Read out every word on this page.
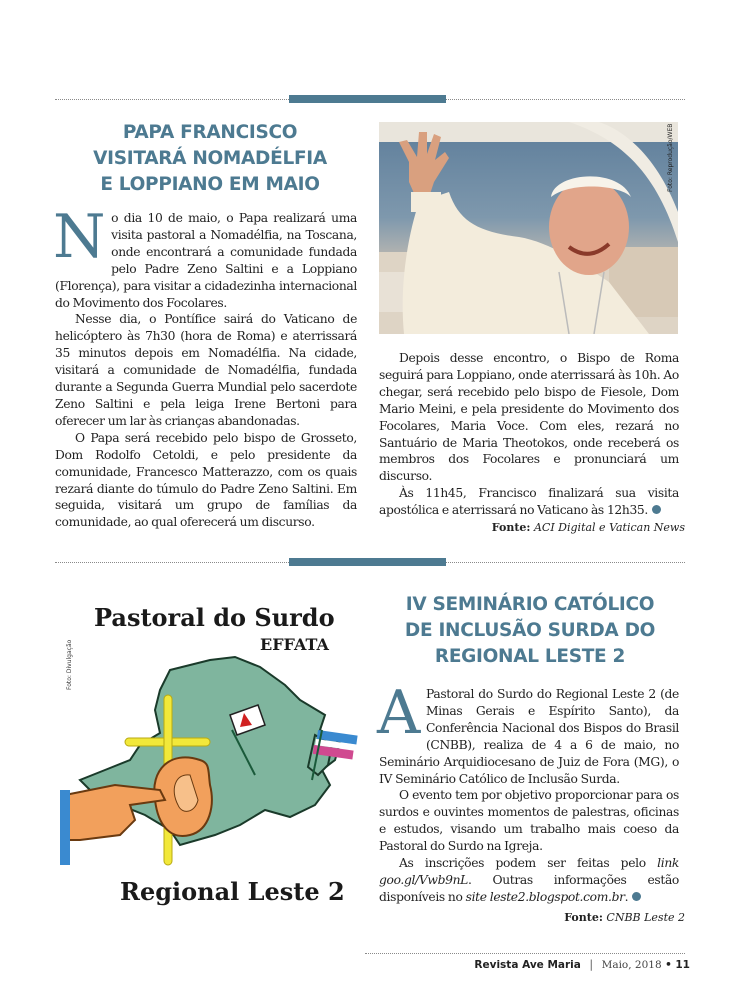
PAPA FRANCISCO
VISITARÁ NOMADÉLFIA
E LOPPIANO EM MAIO

No dia 10 de maio, o Papa realizará uma visita pastoral a Nomadélfia, na Toscana, onde encontrará a comunidade fundada pelo Padre Zeno Saltini e a Loppiano (Florença), para visitar a cidadezinha internacional do Movimento dos Focolares.

Nesse dia, o Pontífice sairá do Vaticano de helicóptero às 7h30 (hora de Roma) e aterrissará 35 minutos depois em Nomadélfia. Na cidade, visitará a comunidade de Nomadélfia, fundada durante a Segunda Guerra Mundial pelo sacerdote Zeno Saltini e pela leiga Irene Bertoni para oferecer um lar às crianças abandonadas.

O Papa será recebido pelo bispo de Grosseto, Dom Rodolfo Cetoldi, e pelo presidente da comunidade, Francesco Matterazzo, com os quais rezará diante do túmulo do Padre Zeno Saltini. Em seguida, visitará um grupo de famílias da comunidade, ao qual oferecerá um discurso.

Foto: Reprodução/WEB

Depois desse encontro, o Bispo de Roma seguirá para Loppiano, onde aterrissará às 10h. Ao chegar, será recebido pelo bispo de Fiesole, Dom Mario Meini, e pela presidente do Movimento dos Focolares, Maria Voce. Com eles, rezará no Santuário de Maria Theotokos, onde receberá os membros dos Focolares e pronunciará um discurso.

Às 11h45, Francisco finalizará sua visita apostólica e aterrissará no Vaticano às 12h35.

Fonte: ACI Digital e Vatican News
Pastoral do Surdo
EFFATA
Regional Leste 2
Foto: Divulgação
IV SEMINÁRIO CATÓLICO
DE INCLUSÃO SURDA DO
REGIONAL LESTE 2

A Pastoral do Surdo do Regional Leste 2 (de Minas Gerais e Espírito Santo), da Conferência Nacional dos Bispos do Brasil (CNBB), realiza de 4 a 6 de maio, no Seminário Arquidiocesano de Juiz de Fora (MG), o IV Seminário Católico de Inclusão Surda.

O evento tem por objetivo proporcionar para os surdos e ouvintes momentos de palestras, oficinas e estudos, visando um trabalho mais coeso da Pastoral do Surdo na Igreja.

As inscrições podem ser feitas pelo link goo.gl/Vwb9nL. Outras informações estão disponíveis no site leste2.blogspot.com.br.

Fonte: CNBB Leste 2
Revista Ave Maria | Maio, 2018 • 11
